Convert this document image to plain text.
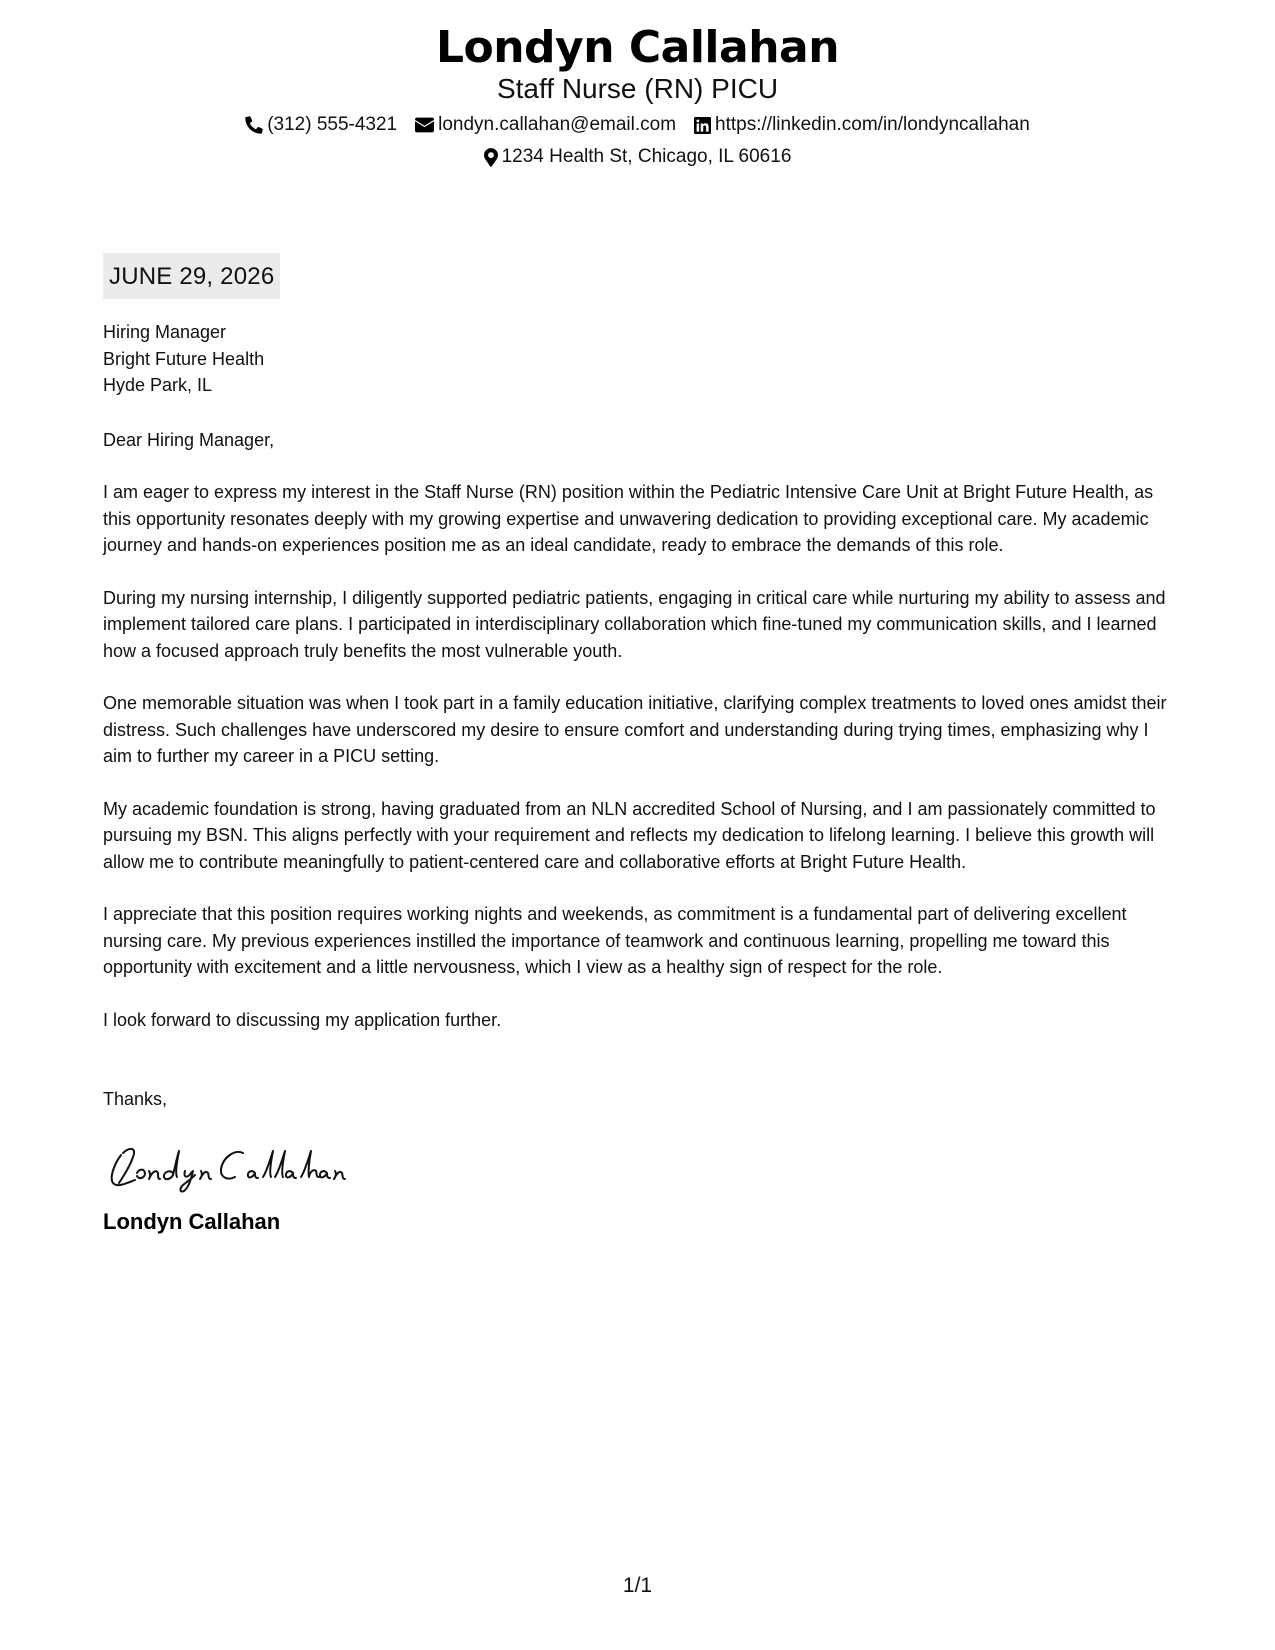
Londyn Callahan
Staff Nurse (RN) PICU
(312) 555-4321 londyn.callahan@email.com https://linkedin.com/in/londyncallahan
1234 Health St, Chicago, IL 60616
JUNE 29, 2026
Hiring Manager
Bright Future Health
Hyde Park, IL
Dear Hiring Manager,
I am eager to express my interest in the Staff Nurse (RN) position within the Pediatric Intensive Care Unit at Bright Future Health, as this opportunity resonates deeply with my growing expertise and unwavering dedication to providing exceptional care. My academic journey and hands-on experiences position me as an ideal candidate, ready to embrace the demands of this role.
During my nursing internship, I diligently supported pediatric patients, engaging in critical care while nurturing my ability to assess and implement tailored care plans. I participated in interdisciplinary collaboration which fine-tuned my communication skills, and I learned how a focused approach truly benefits the most vulnerable youth.
One memorable situation was when I took part in a family education initiative, clarifying complex treatments to loved ones amidst their distress. Such challenges have underscored my desire to ensure comfort and understanding during trying times, emphasizing why I aim to further my career in a PICU setting.
My academic foundation is strong, having graduated from an NLN accredited School of Nursing, and I am passionately committed to pursuing my BSN. This aligns perfectly with your requirement and reflects my dedication to lifelong learning. I believe this growth will allow me to contribute meaningfully to patient-centered care and collaborative efforts at Bright Future Health.
I appreciate that this position requires working nights and weekends, as commitment is a fundamental part of delivering excellent nursing care. My previous experiences instilled the importance of teamwork and continuous learning, propelling me toward this opportunity with excitement and a little nervousness, which I view as a healthy sign of respect for the role.
I look forward to discussing my application further.
Thanks,
Londyn Callahan
1/1
